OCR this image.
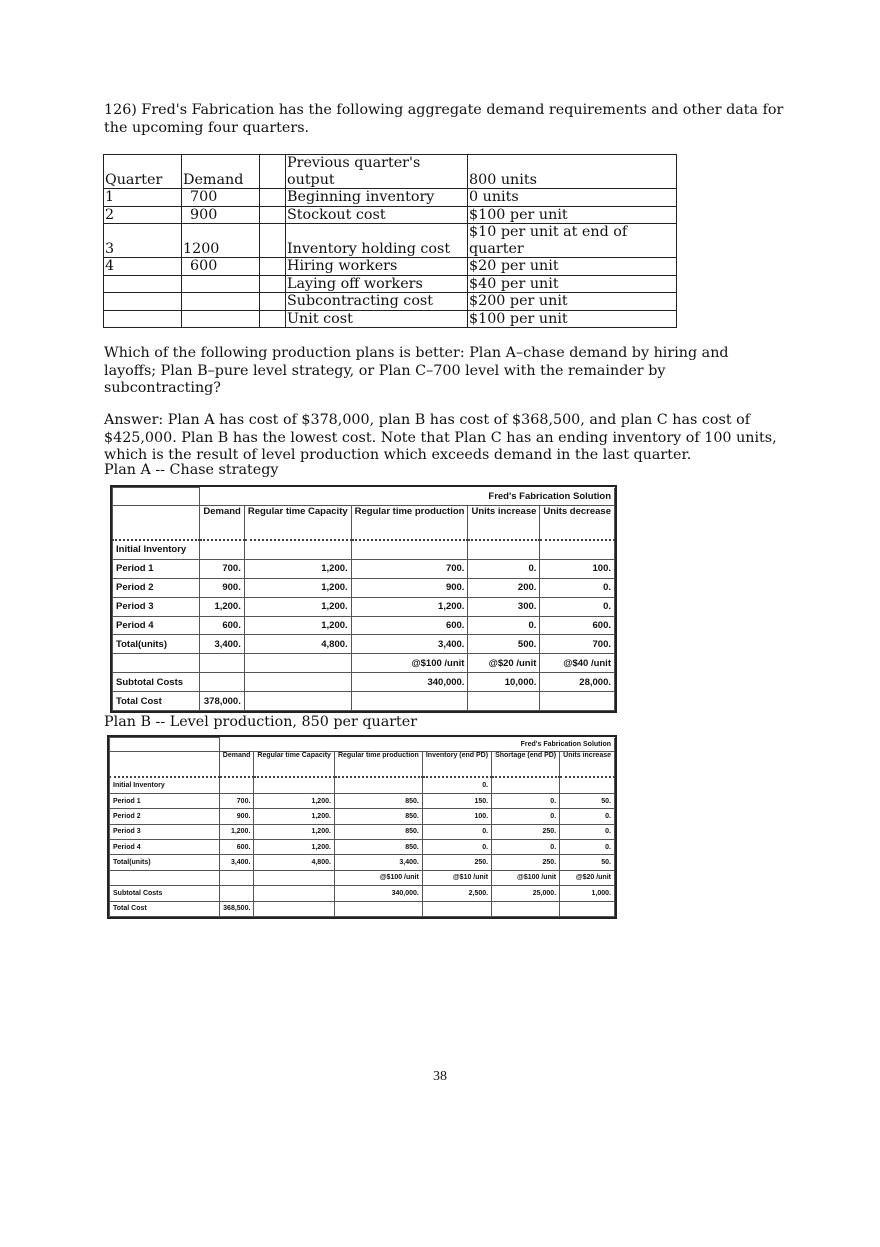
126) Fred's Fabrication has the following aggregate demand requirements and other data for the upcoming four quarters.

Quarter	Demand		Previous quarter's output	800 units
1	700		Beginning inventory	0 units
2	900		Stockout cost	$100 per unit
3	1200		Inventory holding cost	$10 per unit at end of quarter
4	600		Hiring workers	$20 per unit
			Laying off workers	$40 per unit
			Subcontracting cost	$200 per unit
			Unit cost	$100 per unit

Which of the following production plans is better: Plan A–chase demand by hiring and layoffs; Plan B–pure level strategy, or Plan C–700 level with the remainder by subcontracting?

Answer: Plan A has cost of $378,000, plan B has cost of $368,500, and plan C has cost of $425,000. Plan B has the lowest cost. Note that Plan C has an ending inventory of 100 units, which is the result of level production which exceeds demand in the last quarter.

Plan A -- Chase strategy
	Fred's Fabrication Solution				
	Demand	Regular time Capacity	Regular time production	Units increase	Units decrease
Initial Inventory					
Period 1	700.	1,200.	700.	0.	100.
Period 2	900.	1,200.	900.	200.	0.
Period 3	1,200.	1,200.	1,200.	300.	0.
Period 4	600.	1,200.	600.	0.	600.
Total(units)	3,400.	4,800.	3,400.	500.	700.
			@$100 /unit	@$20 /unit	@$40 /unit
Subtotal Costs			340,000.	10,000.	28,000.
Total Cost	378,000.				
Plan B -- Level production, 850 per quarter
	Fred's Fabrication Solution					
	Demand	Regular time Capacity	Regular time production	Inventory (end PD)	Shortage (end PD)	Units increase
Initial Inventory				0.		
Period 1	700.	1,200.	850.	150.	0.	50.
Period 2	900.	1,200.	850.	100.	0.	0.
Period 3	1,200.	1,200.	850.	0.	250.	0.
Period 4	600.	1,200.	850.	0.	0.	0.
Total(units)	3,400.	4,800.	3,400.	250.	250.	50.
			@$100 /unit	@$10 /unit	@$100 /unit	@$20 /unit
Subtotal Costs			340,000.	2,500.	25,000.	1,000.
Total Cost	368,500.					
38
